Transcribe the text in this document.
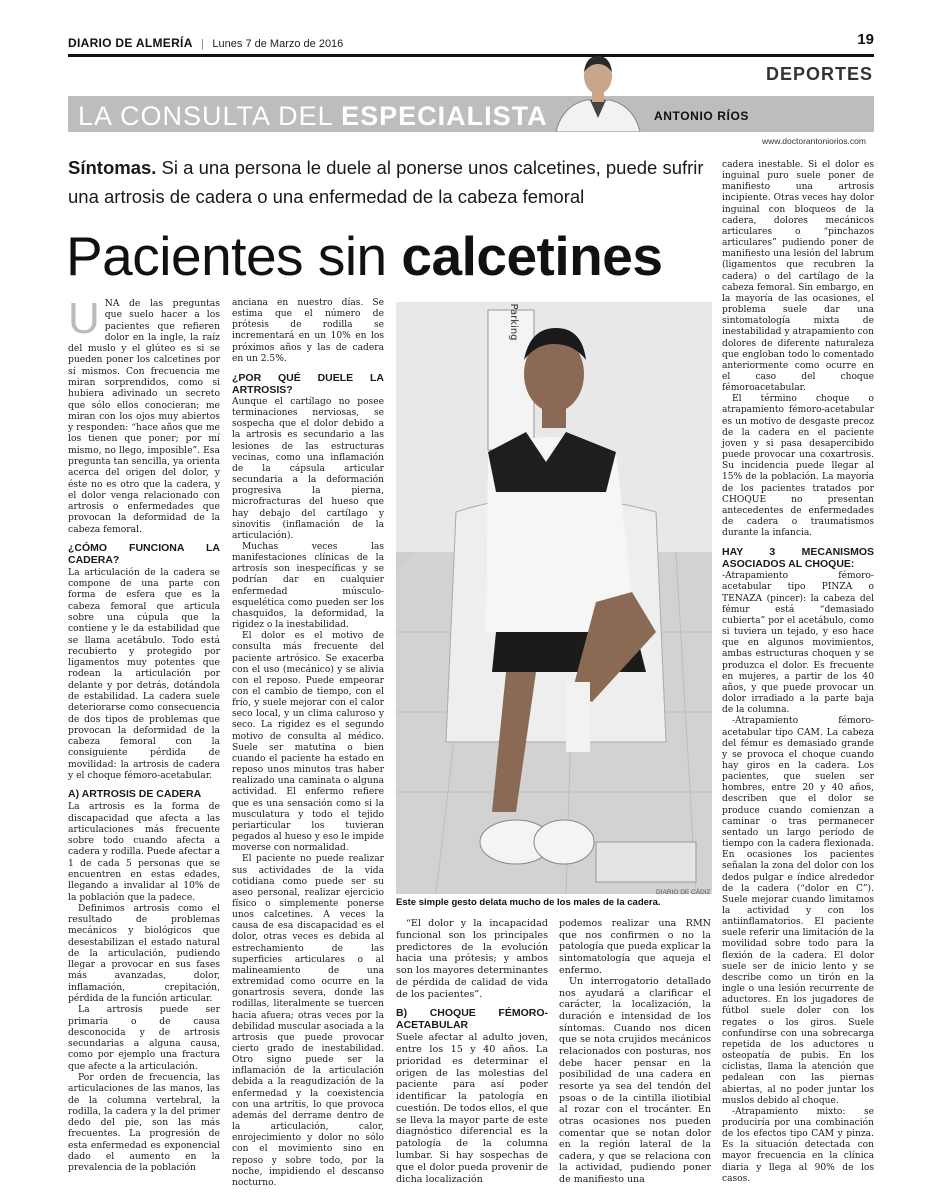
DIARIO DE ALMERÍA | Lunes 7 de Marzo de 2016	19
DEPORTES
LA CONSULTA DEL ESPECIALISTA	ANTONIO RÍOS
www.doctorantoniorios.com
Síntomas. Si a una persona le duele al ponerse unos calcetines, puede sufrir una artrosis de cadera o una enfermedad de la cabeza femoral
Pacientes sin calcetines

UNA de las preguntas que suelo hacer a los pacientes que refieren dolor en la ingle, la raíz del muslo y el glúteo es si se pueden poner los calcetines por sí mismos. Con frecuencia me miran sorprendidos, como si hubiera adivinado un secreto que sólo ellos conocieran; me miran con los ojos muy abiertos y responden: “hace años que me los tienen que poner; por mí mismo, no llego, imposible”. Esa pregunta tan sencilla, ya orienta acerca del origen del dolor, y éste no es otro que la cadera, y el dolor venga relacionado con artrosis o enfermedades que provocan la deformidad de la cabeza femoral.

¿CÓMO FUNCIONA LA CADERA?

La articulación de la cadera se compone de una parte con forma de esfera que es la cabeza femoral que articula sobre una cúpula que la contiene y le da estabilidad que se llama acetábulo. Todo está recubierto y protegido por ligamentos muy potentes que rodean la articulación por delante y por detrás, dotándola de estabilidad. La cadera suele deteriorarse como consecuencia de dos tipos de problemas que provocan la deformidad de la cabeza femoral con la consiguiente pérdida de movilidad: la artrosis de cadera y el choque fémoro-acetabular.

A) ARTROSIS DE CADERA

La artrosis es la forma de discapacidad que afecta a las articulaciones más frecuente sobre todo cuando afecta a cadera y rodilla. Puede afectar a 1 de cada 5 personas que se encuentren en estas edades, llegando a invalidar al 10% de la población que la padece.

Definimos artrosis como el resultado de problemas mecánicos y biológicos que desestabilizan el estado natural de la articulación, pudiendo llegar a provocar en sus fases más avanzadas, dolor, inflamación, crepitación, pérdida de la función articular.

La artrosis puede ser primaria o de causa desconocida y de artrosis secundarias a alguna causa, como por ejemplo una fractura que afecte a la articulación.

Por orden de frecuencia, las articulaciones de las manos, las de la columna vertebral, la rodilla, la cadera y la del primer dedo del pie, son las más frecuentes. La progresión de esta enfermedad es exponencial dado el aumento en la prevalencia de la población

anciana en nuestro días. Se estima que el número de prótesis de rodilla se incrementará en un 10% en los próximos años y las de cadera en un 2.5%.

¿POR QUÉ DUELE LA ARTROSIS?

Aunque el cartílago no posee terminaciones nerviosas, se sospecha que el dolor debido a la artrosis es secundario a las lesiones de las estructuras vecinas, como una inflamación de la cápsula articular secundaria a la deformación progresiva la pierna, microfracturas del hueso que hay debajo del cartílago y sinovitis (inflamación de la articulación).

Muchas veces las manifestaciones clínicas de la artrosis son inespecíficas y se podrían dar en cualquier enfermedad músculo-esquelética como pueden ser los chasquidos, la deformidad, la rigidez o la inestabilidad.

El dolor es el motivo de consulta más frecuente del paciente artrósico. Se exacerba con el uso (mecánico) y se alivia con el reposo. Puede empeorar con el cambio de tiempo, con el frío, y suele mejorar con el calor seco local, y un clima caluroso y seco. La rigidez es el segundo motivo de consulta al médico. Suele ser matutina o bien cuando el paciente ha estado en reposo unos minutos tras haber realizado una caminata o alguna actividad. El enfermo refiere que es una sensación como si la musculatura y todo el tejido periarticular los tuvieran pegados al hueso y eso le impide moverse con normalidad.

El paciente no puede realizar sus actividades de la vida cotidiana como puede ser su aseo personal, realizar ejercicio físico o simplemente ponerse unos calcetines. A veces la causa de esa discapacidad es el dolor, otras veces es debida al estrechamiento de las superficies articulares o al malineamiento de una extremidad como ocurre en la gonartrosis severa, donde las rodillas, literalmente se tuercen hacia afuera; otras veces por la debilidad muscular asociada a la artrosis que puede provocar cierto grado de inestabilidad. Otro signo puede ser la inflamación de la articulación debida a la reagudización de la enfermedad y la coexistencia con una artritis, lo que provoca además del derrame dentro de la articulación, calor, enrojecimiento y dolor no sólo con el movimiento sino en reposo y sobre todo, por la noche, impidiendo el descanso nocturno.

Parking
DIARIO DE CÁDIZ
Este simple gesto delata mucho de los males de la cadera.

“El dolor y la incapacidad funcional son los principales predictores de la evolución hacia una prótesis; y ambos son los mayores determinantes de pérdida de calidad de vida de los pacientes”.

B) CHOQUE FÉMORO-ACETABULAR

Suele afectar al adulto joven, entre los 15 y 40 años. La prioridad es determinar el origen de las molestias del paciente para así poder identificar la patología en cuestión. De todos ellos, el que se lleva la mayor parte de este diagnóstico diferencial es la patología de la columna lumbar. Si hay sospechas de que el dolor pueda provenir de dicha localización

podemos realizar una RMN que nos confirmen o no la patología que pueda explicar la sintomatología que aqueja el enfermo.

Un interrogatorio detallado nos ayudará a clarificar el carácter, la localización, la duración e intensidad de los síntomas. Cuando nos dicen que se nota crujidos mecánicos relacionados con posturas, nos debe hacer pensar en la posibilidad de una cadera en resorte ya sea del tendón del psoas o de la cintilla iliotibial al rozar con el trocánter. En otras ocasiones nos pueden comentar que se notan dolor en la región lateral de la cadera, y que se relaciona con la actividad, pudiendo poner de manifiesto una

cadera inestable. Si el dolor es inguinal puro suele poner de manifiesto una artrosis incipiente. Otras veces hay dolor inguinal con bloqueos de la cadera, dolores mecánicos articulares o “pinchazos articulares” pudiendo poner de manifiesto una lesión del labrum (ligamentos que recubren la cadera) o del cartílago de la cabeza femoral. Sin embargo, en la mayoría de las ocasiones, el problema suele dar una sintomatología mixta de inestabilidad y atrapamiento con dolores de diferente naturaleza que engloban todo lo comentado anteriormente como ocurre en el caso del choque fémoroacetabular.

El término choque o atrapamiento fémoro-acetabular es un motivo de desgaste precoz de la cadera en el paciente joven y si pasa desapercibido puede provocar una coxartrosis. Su incidencia puede llegar al 15% de la población. La mayoría de los pacientes tratados por CHOQUE no presentan antecedentes de enfermedades de cadera o traumatismos durante la infancia.

HAY 3 MECANISMOS ASOCIADOS AL CHOQUE:

-Atrapamiento fémoro-acetabular tipo PINZA o TENAZA (pincer): la cabeza del fémur está “demasiado cubierta” por el acetábulo, como si tuviera un tejado, y eso hace que en algunos movimientos, ambas estructuras choquen y se produzca el dolor. Es frecuente en mujeres, a partir de los 40 años, y que puede provocar un dolor irradiado a la parte baja de la columna.

-Atrapamiento fémoro-acetabular tipo CAM. La cabeza del fémur es demasiado grande y se provoca el choque cuando hay giros en la cadera. Los pacientes, que suelen ser hombres, entre 20 y 40 años, describen que el dolor se produce cuando comienzan a caminar o tras permanecer sentado un largo período de tiempo con la cadera flexionada. En ocasiones los pacientes señalan la zona del dolor con los dedos pulgar e índice alrededor de la cadera (“dolor en C”). Suele mejorar cuando limitamos la actividad y con los antiinflamatorios. El paciente suele referir una limitación de la movilidad sobre todo para la flexión de la cadera. El dolor suele ser de inicio lento y se describe como un tirón en la ingle o una lesión recurrente de aductores. En los jugadores de fútbol suele doler con los regates o los giros. Suele confundirse con una sobrecarga repetida de los aductores u osteopatía de pubis. En los ciclistas, llama la atención que pedalean con las piernas abiertas, al no poder juntar los muslos debido al choque.

-Atrapamiento mixto: se produciría por una combinación de los efectos tipo CAM y pinza. Es la situación detectada con mayor frecuencia en la clínica diaria y llega al 90% de los casos.
